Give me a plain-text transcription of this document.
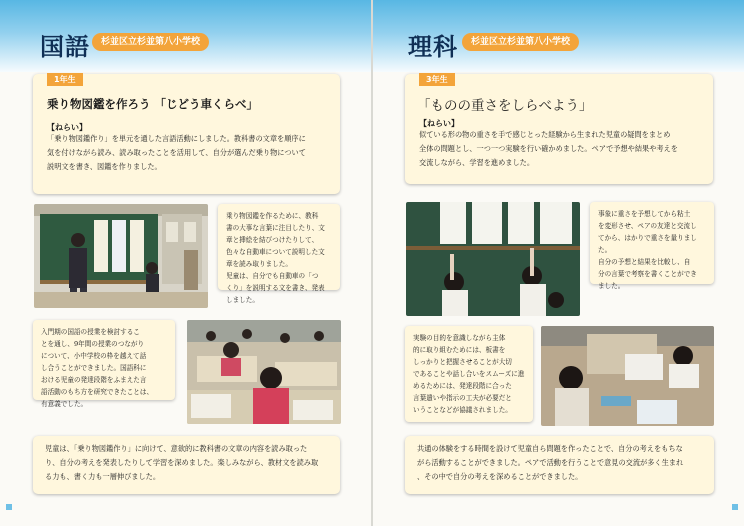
国語	杉並区立杉並第八小学校
1年生
乗り物図鑑を作ろう 「じどう車くらべ」
【ねらい】
「乗り物図鑑作り」を単元を通した言語活動にしました。教科書の文章を順序に
気を付けながら読み、読み取ったことを活用して、自分が選んだ乗り物について
説明文を書き、図鑑を作りました。
乗り物図鑑を作るために、教科
書の大事な言葉に注目したり、文
章と挿絵を結びつけたりして、
色々な自動車について説明した文
章を読み取りました。
児童は、自分でも自動車の「つ
くり」を説明する文を書き、発表
しました。
入門期の国語の授業を検討するこ
とを通し、9年間の授業のつながり
について、小中学校の枠を越えて話
し合うことができました。国語科に
おける児童の発達段階をふまえた言
語活動のもち方を研究できたことは、
有意義でした。
児童は、「乗り物図鑑作り」に向けて、意欲的に教科書の文章の内容を読み取った
り、自分の考えを発表したりして学習を深めました。楽しみながら、教材文を読み取
る力も、書く力も一層伸びました。
理科	杉並区立杉並第八小学校
3年生
「ものの重さをしらべよう」
【ねらい】
似ている形の物の重さを手で感じとった経験から生まれた児童の疑問をまとめ
全体の問題とし、一つ一つ実験を行い確かめました。ペアで予想や結果や考えを
交流しながら、学習を進めました。
事象に重さを予想してから粘土
を変形させ、ペアの友達と交流し
てから、はかりで重さを量りまし
た。
自分の予想と結果を比較し、自
分の言葉で考察を書くことができ
ました。
実験の目的を意識しながら主体
的に取り組むためには、板書を
しっかりと把握させることが大切
であることや話し合いをスムーズに進
めるためには、発達段階に合った
言葉遣いや指示の工夫が必要だと
いうことなどが協議されました。
共通の体験をする時間を設けて児童自ら問題を作ったことで、自分の考えをもちな
がら活動することができました。ペアで活動を行うことで意見の交流が多く生まれ
、その中で自分の考えを深めることができました。
